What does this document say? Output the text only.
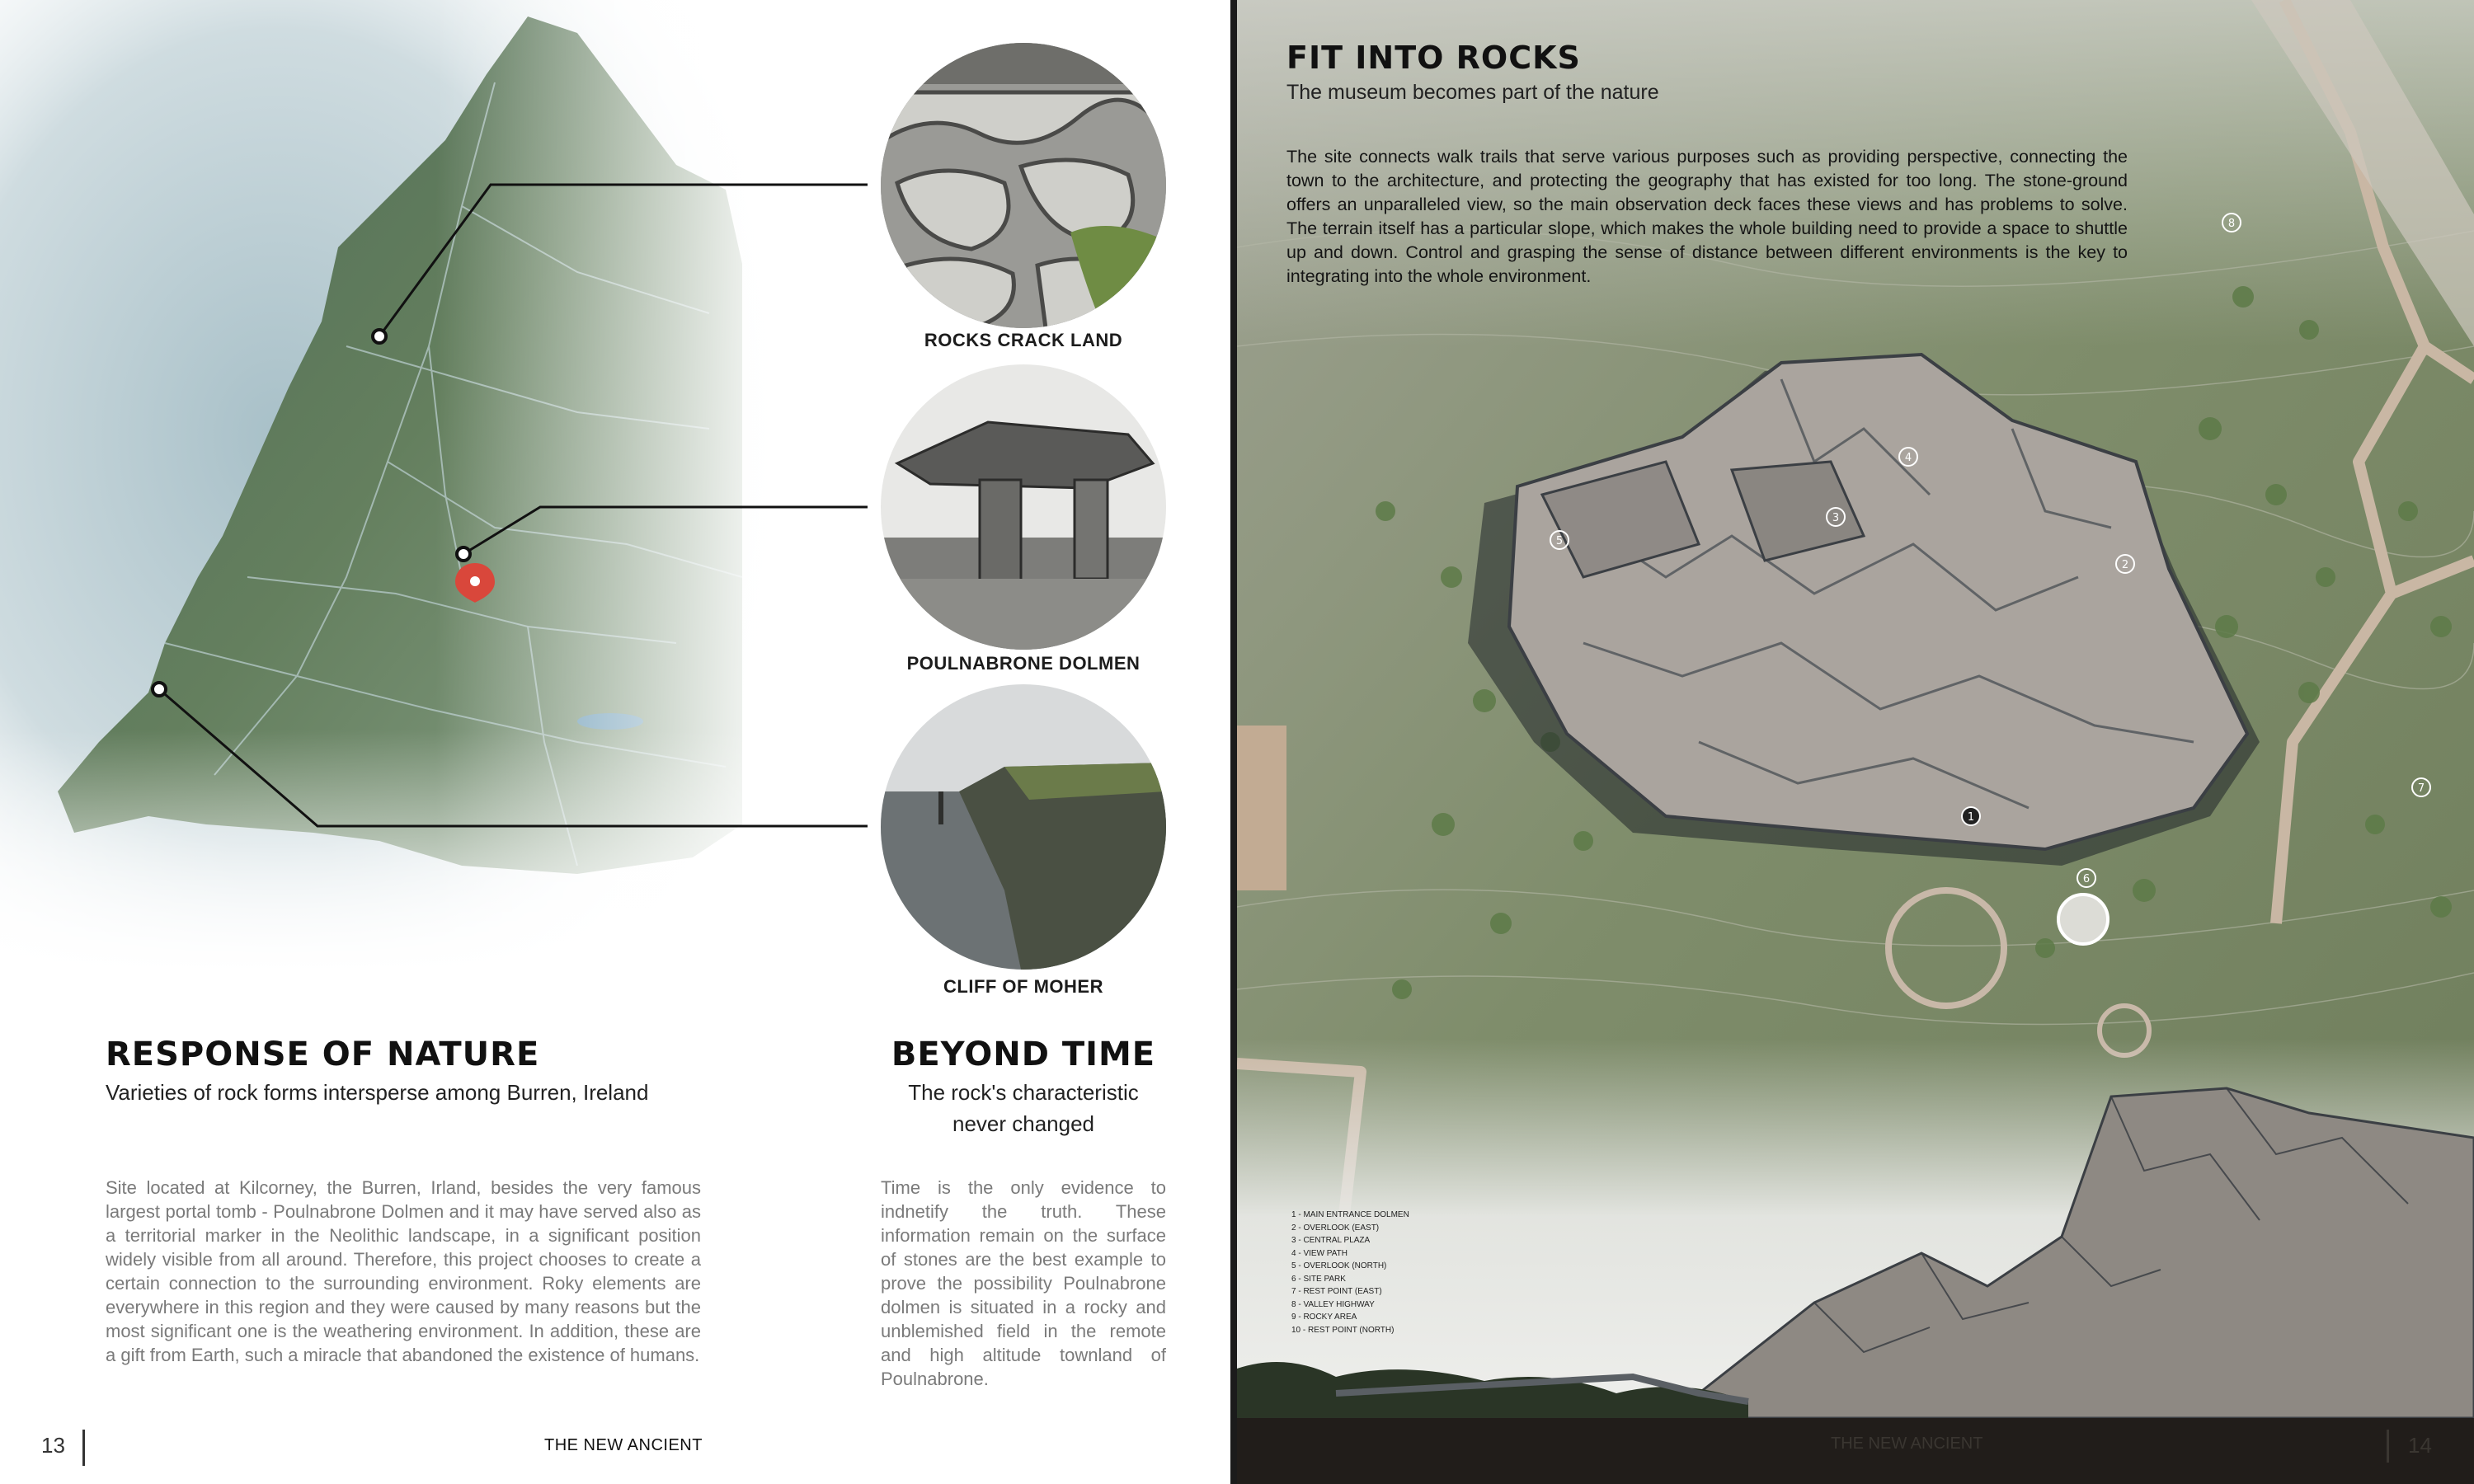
ROCKS CRACK LAND
POULNABRONE DOLMEN
CLIFF OF MOHER
RESPONSE OF NATURE
Varieties of rock forms intersperse among Burren, Ireland
Site located at Kilcorney, the Burren, Irland, besides the very famous largest portal tomb - Poulnabrone Dolmen and it may have served also as a territorial marker in the Neolithic landscape, in a significant position widely visible from all around. Therefore, this project chooses to create a certain connection to the surrounding environment. Roky elements are everywhere in this region and they were caused by many reasons but the most significant one is the weathering environment. In addition, these are a gift from Earth, such a miracle that abandoned the existence of humans.
BEYOND TIME
The rock's characteristic
never changed
Time is the only evidence to indnetify the truth. These information remain on the surface of stones are the best example to prove the possibility Poulnabrone dolmen is situated in a rocky and unblemished field in the remote and high altitude townland of Poulnabrone.
13	THE NEW ANCIENT
1
2
3
4
5
6
7
8
FIT INTO ROCKS
The museum becomes part of the nature
The site connects walk trails that serve various purposes such as providing perspective, connecting the town to the architecture, and protecting the geography that has existed for too long. The stone-ground offers an unparalleled view, so the main observation deck faces these views and has problems to solve. The terrain itself has a particular slope, which makes the whole building need to provide a space to shuttle up and down. Control and grasping the sense of distance between different environments is the key to integrating into the whole environment.
1 - MAIN ENTRANCE DOLMEN
2 - OVERLOOK (EAST)
3 - CENTRAL PLAZA
4 - VIEW PATH
5 - OVERLOOK (NORTH)
6 - SITE PARK
7 - REST POINT (EAST)
8 - VALLEY HIGHWAY
9 - ROCKY AREA
10 - REST POINT (NORTH)
THE NEW ANCIENT	14
